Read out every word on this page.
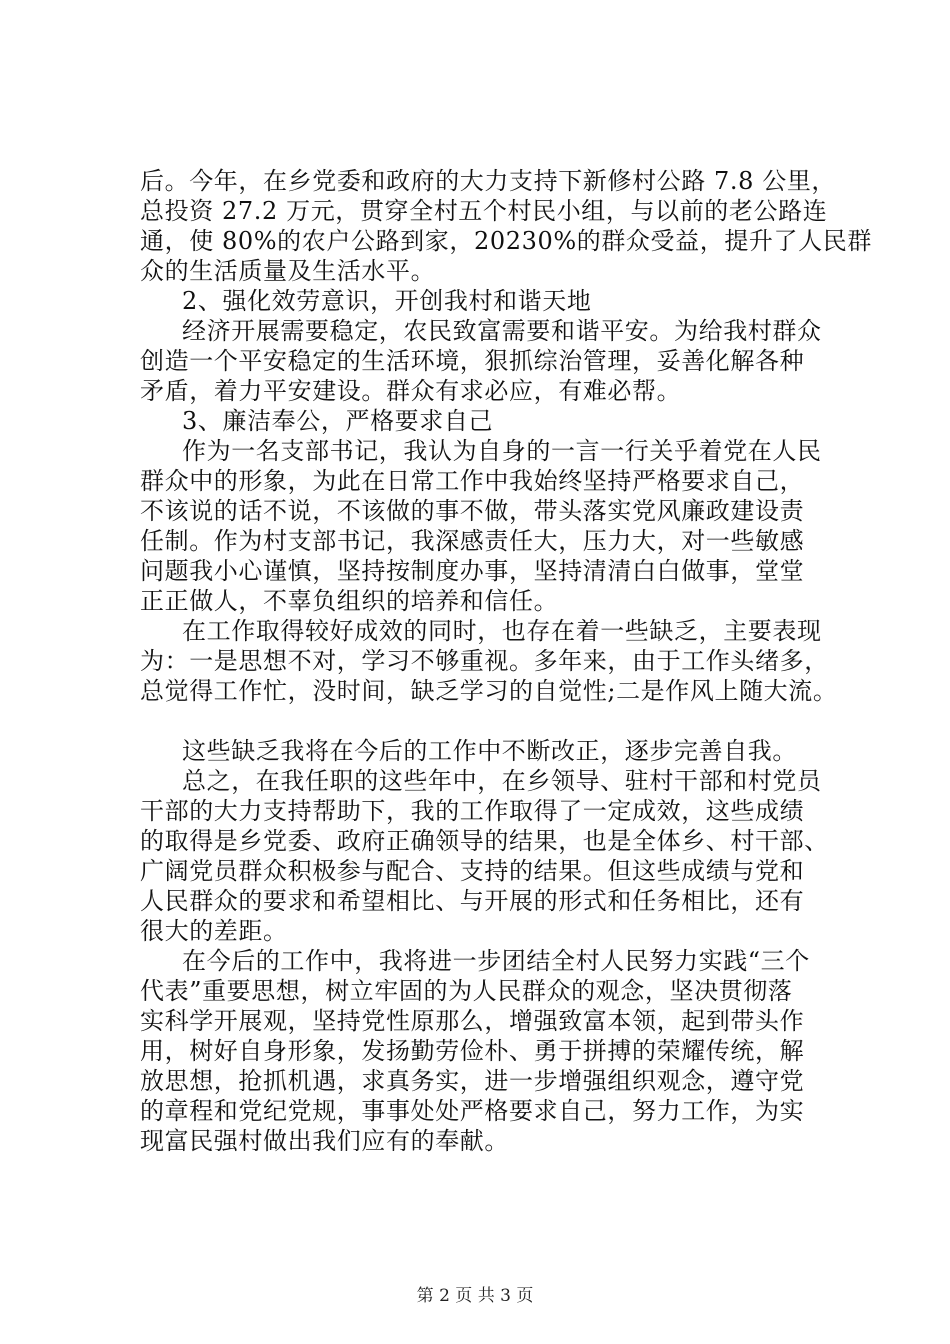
后。今年，在乡党委和政府的大力支持下新修村公路 7.8 公里，
总投资 27.2 万元，贯穿全村五个村民小组，与以前的老公路连
通，使 80%的农户公路到家，20230%的群众受益，提升了人民群
众的生活质量及生活水平。
2、强化效劳意识，开创我村和谐天地
经济开展需要稳定，农民致富需要和谐平安。为给我村群众
创造一个平安稳定的生活环境，狠抓综治管理，妥善化解各种
矛盾，着力平安建设。群众有求必应，有难必帮。
3、廉洁奉公，严格要求自己
作为一名支部书记，我认为自身的一言一行关乎着党在人民
群众中的形象，为此在日常工作中我始终坚持严格要求自己，
不该说的话不说，不该做的事不做，带头落实党风廉政建设责
任制。作为村支部书记，我深感责任大，压力大，对一些敏感
问题我小心谨慎，坚持按制度办事，坚持清清白白做事，堂堂
正正做人，不辜负组织的培养和信任。
在工作取得较好成效的同时，也存在着一些缺乏，主要表现
为：一是思想不对，学习不够重视。多年来，由于工作头绪多，
总觉得工作忙，没时间，缺乏学习的自觉性;二是作风上随大流。
这些缺乏我将在今后的工作中不断改正，逐步完善自我。
总之，在我任职的这些年中，在乡领导、驻村干部和村党员
干部的大力支持帮助下，我的工作取得了一定成效，这些成绩
的取得是乡党委、政府正确领导的结果，也是全体乡、村干部、
广阔党员群众积极参与配合、支持的结果。但这些成绩与党和
人民群众的要求和希望相比、与开展的形式和任务相比，还有
很大的差距。
在今后的工作中，我将进一步团结全村人民努力实践“三个
代表”重要思想，树立牢固的为人民群众的观念，坚决贯彻落
实科学开展观，坚持党性原那么，增强致富本领，起到带头作
用，树好自身形象，发扬勤劳俭朴、勇于拼搏的荣耀传统，解
放思想，抢抓机遇，求真务实，进一步增强组织观念，遵守党
的章程和党纪党规，事事处处严格要求自己，努力工作，为实
现富民强村做出我们应有的奉献。
第 2 页 共 3 页
